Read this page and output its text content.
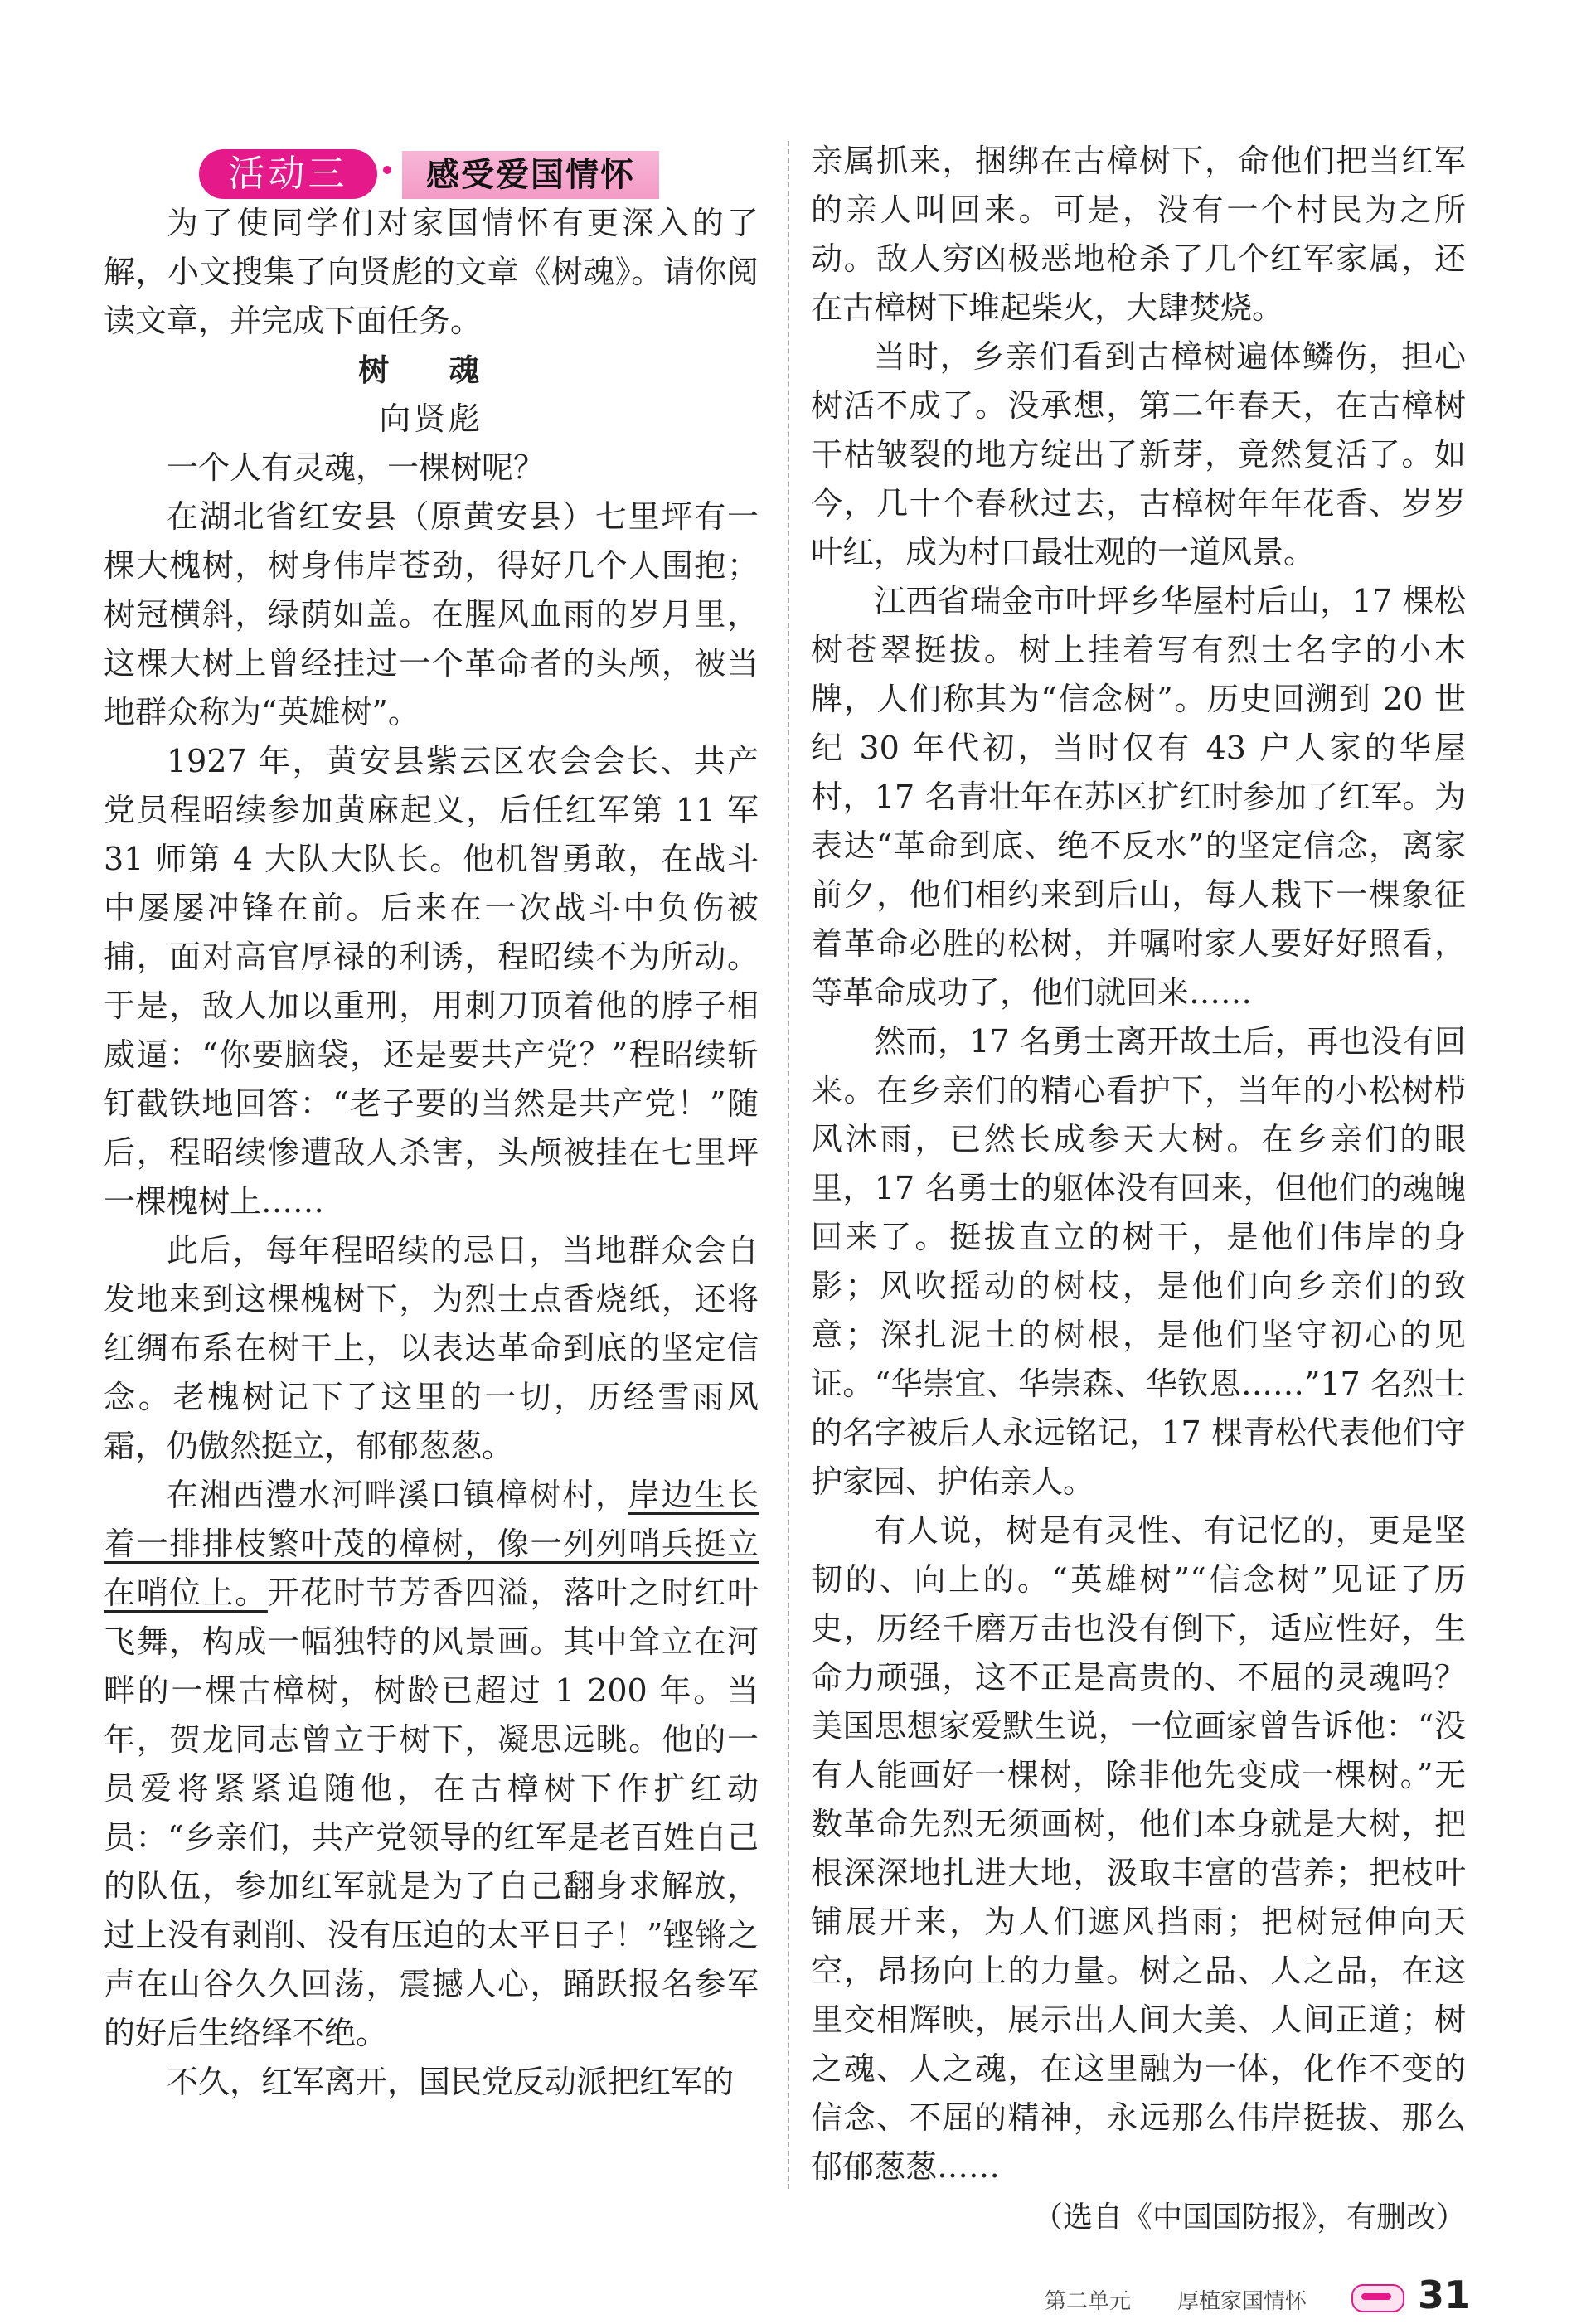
活动三	感受爱国情怀

为了使同学们对家国情怀有更深入的了解，小文搜集了向贤彪的文章《树魂》。请你阅读文章，并完成下面任务。

树 魂

向贤彪

一个人有灵魂，一棵树呢？

在湖北省红安县（原黄安县）七里坪有一棵大槐树，树身伟岸苍劲，得好几个人围抱；树冠横斜，绿荫如盖。在腥风血雨的岁月里，这棵大树上曾经挂过一个革命者的头颅，被当地群众称为“英雄树”。

1927 年，黄安县紫云区农会会长、共产党员程昭续参加黄麻起义，后任红军第 11 军 31 师第 4 大队大队长。他机智勇敢，在战斗中屡屡冲锋在前。后来在一次战斗中负伤被捕，面对高官厚禄的利诱，程昭续不为所动。于是，敌人加以重刑，用刺刀顶着他的脖子相威逼：“你要脑袋，还是要共产党？”程昭续斩钉截铁地回答：“老子要的当然是共产党！”随后，程昭续惨遭敌人杀害，头颅被挂在七里坪一棵槐树上……

此后，每年程昭续的忌日，当地群众会自发地来到这棵槐树下，为烈士点香烧纸，还将红绸布系在树干上，以表达革命到底的坚定信念。老槐树记下了这里的一切，历经雪雨风霜，仍傲然挺立，郁郁葱葱。

在湘西澧水河畔溪口镇樟树村，岸边生长着一排排枝繁叶茂的樟树，像一列列哨兵挺立在哨位上。开花时节芳香四溢，落叶之时红叶飞舞，构成一幅独特的风景画。其中耸立在河畔的一棵古樟树，树龄已超过 1 200 年。当年，贺龙同志曾立于树下，凝思远眺。他的一员爱将紧紧追随他，在古樟树下作扩红动员：“乡亲们，共产党领导的红军是老百姓自己的队伍，参加红军就是为了自己翻身求解放，过上没有剥削、没有压迫的太平日子！”铿锵之声在山谷久久回荡，震撼人心，踊跃报名参军的好后生络绎不绝。

不久，红军离开，国民党反动派把红军的

亲属抓来，捆绑在古樟树下，命他们把当红军的亲人叫回来。可是，没有一个村民为之所动。敌人穷凶极恶地枪杀了几个红军家属，还在古樟树下堆起柴火，大肆焚烧。

当时，乡亲们看到古樟树遍体鳞伤，担心树活不成了。没承想，第二年春天，在古樟树干枯皱裂的地方绽出了新芽，竟然复活了。如今，几十个春秋过去，古樟树年年花香、岁岁叶红，成为村口最壮观的一道风景。

江西省瑞金市叶坪乡华屋村后山，17 棵松树苍翠挺拔。树上挂着写有烈士名字的小木牌，人们称其为“信念树”。历史回溯到 20 世纪 30 年代初，当时仅有 43 户人家的华屋村，17 名青壮年在苏区扩红时参加了红军。为表达“革命到底、绝不反水”的坚定信念，离家前夕，他们相约来到后山，每人栽下一棵象征着革命必胜的松树，并嘱咐家人要好好照看，等革命成功了，他们就回来……

然而，17 名勇士离开故土后，再也没有回来。在乡亲们的精心看护下，当年的小松树栉风沐雨，已然长成参天大树。在乡亲们的眼里，17 名勇士的躯体没有回来，但他们的魂魄回来了。挺拔直立的树干，是他们伟岸的身影；风吹摇动的树枝，是他们向乡亲们的致意；深扎泥土的树根，是他们坚守初心的见证。“华崇宜、华崇森、华钦恩……”17 名烈士的名字被后人永远铭记，17 棵青松代表他们守护家园、护佑亲人。

有人说，树是有灵性、有记忆的，更是坚韧的、向上的。“英雄树”“信念树”见证了历史，历经千磨万击也没有倒下，适应性好，生命力顽强，这不正是高贵的、不屈的灵魂吗？美国思想家爱默生说，一位画家曾告诉他：“没有人能画好一棵树，除非他先变成一棵树。”无数革命先烈无须画树，他们本身就是大树，把根深深地扎进大地，汲取丰富的营养；把枝叶铺展开来，为人们遮风挡雨；把树冠伸向天空，昂扬向上的力量。树之品、人之品，在这里交相辉映，展示出人间大美、人间正道；树之魂、人之魂，在这里融为一体，化作不变的信念、不屈的精神，永远那么伟岸挺拔、那么郁郁葱葱……

（选自《中国国防报》，有删改）

第二单元 厚植家国情怀	31
